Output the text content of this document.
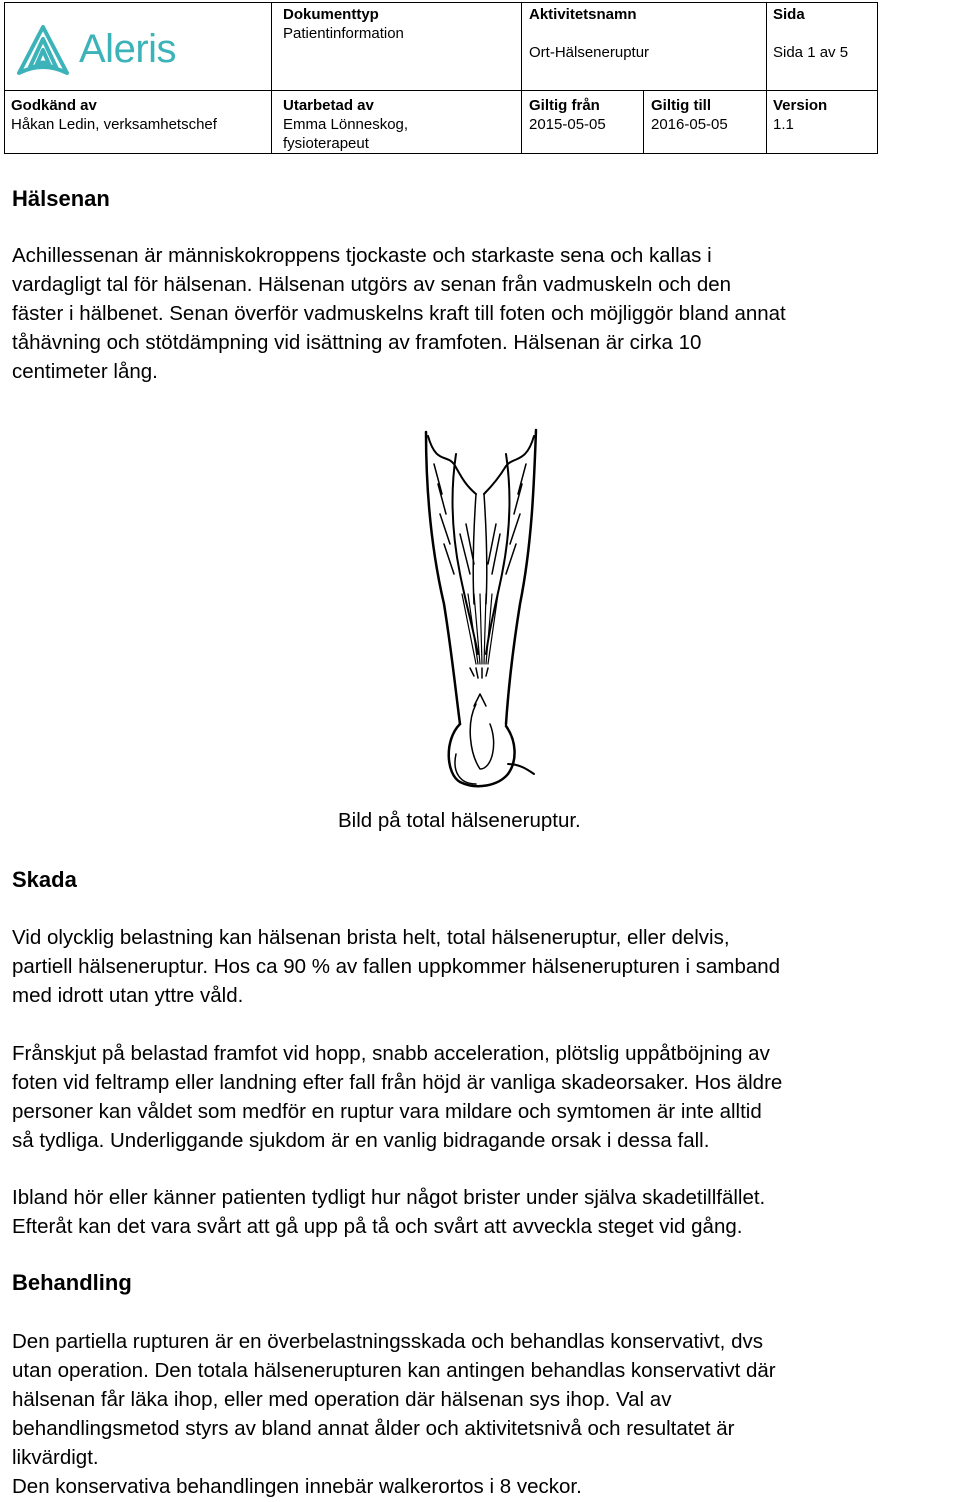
Aleris
Dokumenttyp
Patientinformation
Aktivitetsnamn
Ort-Hälseneruptur
Sida
Sida 1 av 5
Godkänd av
Håkan Ledin, verksamhetschef
Utarbetad av
Emma Lönneskog,
fysioterapeut
Giltig från
2015-05-05
Giltig till
2016-05-05
Version
1.1
Hälsenan
Achillessenan är människokroppens tjockaste och starkaste sena och kallas i
vardagligt tal för hälsenan. Hälsenan utgörs av senan från vadmuskeln och den
fäster i hälbenet. Senan överför vadmuskelns kraft till foten och möjliggör bland annat
tåhävning och stötdämpning vid isättning av framfoten. Hälsenan är cirka 10
centimeter lång.
Bild på total hälseneruptur.
Skada
Vid olycklig belastning kan hälsenan brista helt, total hälseneruptur, eller delvis,
partiell hälseneruptur. Hos ca 90 % av fallen uppkommer hälsenerupturen i samband
med idrott utan yttre våld.
Frånskjut på belastad framfot vid hopp, snabb acceleration, plötslig uppåtböjning av
foten vid feltramp eller landning efter fall från höjd är vanliga skadeorsaker. Hos äldre
personer kan våldet som medför en ruptur vara mildare och symtomen är inte alltid
så tydliga. Underliggande sjukdom är en vanlig bidragande orsak i dessa fall.
Ibland hör eller känner patienten tydligt hur något brister under själva skadetillfället.
Efteråt kan det vara svårt att gå upp på tå och svårt att avveckla steget vid gång.
Behandling
Den partiella rupturen är en överbelastningsskada och behandlas konservativt, dvs
utan operation. Den totala hälsenerupturen kan antingen behandlas konservativt där
hälsenan får läka ihop, eller med operation där hälsenan sys ihop. Val av
behandlingsmetod styrs av bland annat ålder och aktivitetsnivå och resultatet är
likvärdigt.
Den konservativa behandlingen innebär walkerortos i 8 veckor.
